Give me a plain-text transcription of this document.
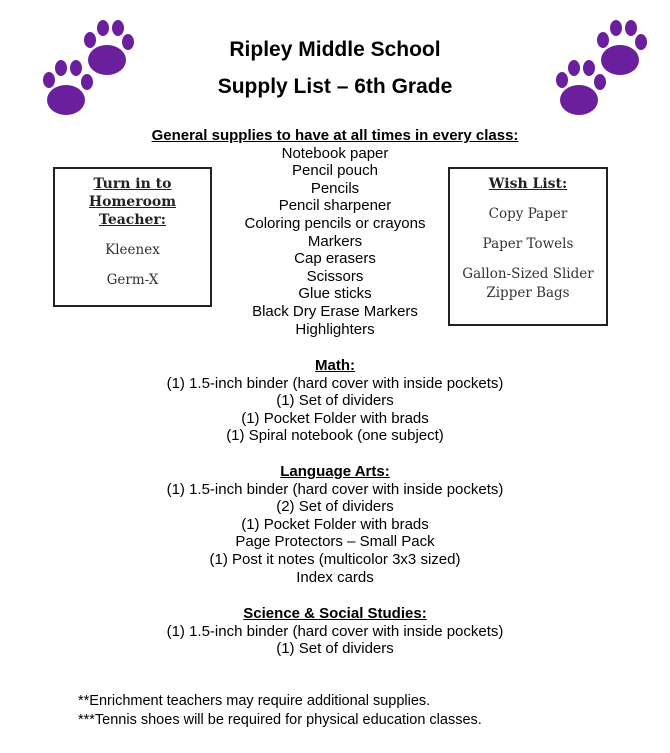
Ripley Middle School
Supply List – 6th Grade
General supplies to have at all times in every class:
Notebook paper
Pencil pouch
Pencils
Pencil sharpener
Coloring pencils or crayons
Markers
Cap erasers
Scissors
Glue sticks
Black Dry Erase Markers
Highlighters
Turn in to
Homeroom
Teacher:
Kleenex
Germ-X
Wish List:
Copy Paper
Paper Towels
Gallon-Sized Slider
Zipper Bags
Math:
(1) 1.5-inch binder (hard cover with inside pockets)
(1) Set of dividers
(1) Pocket Folder with brads
(1) Spiral notebook (one subject)
Language Arts:
(1) 1.5-inch binder (hard cover with inside pockets)
(2) Set of dividers
(1) Pocket Folder with brads
Page Protectors – Small Pack
(1) Post it notes (multicolor 3x3 sized)
Index cards
Science & Social Studies:
(1) 1.5-inch binder (hard cover with inside pockets)
(1) Set of dividers
**Enrichment teachers may require additional supplies.
***Tennis shoes will be required for physical education classes.
